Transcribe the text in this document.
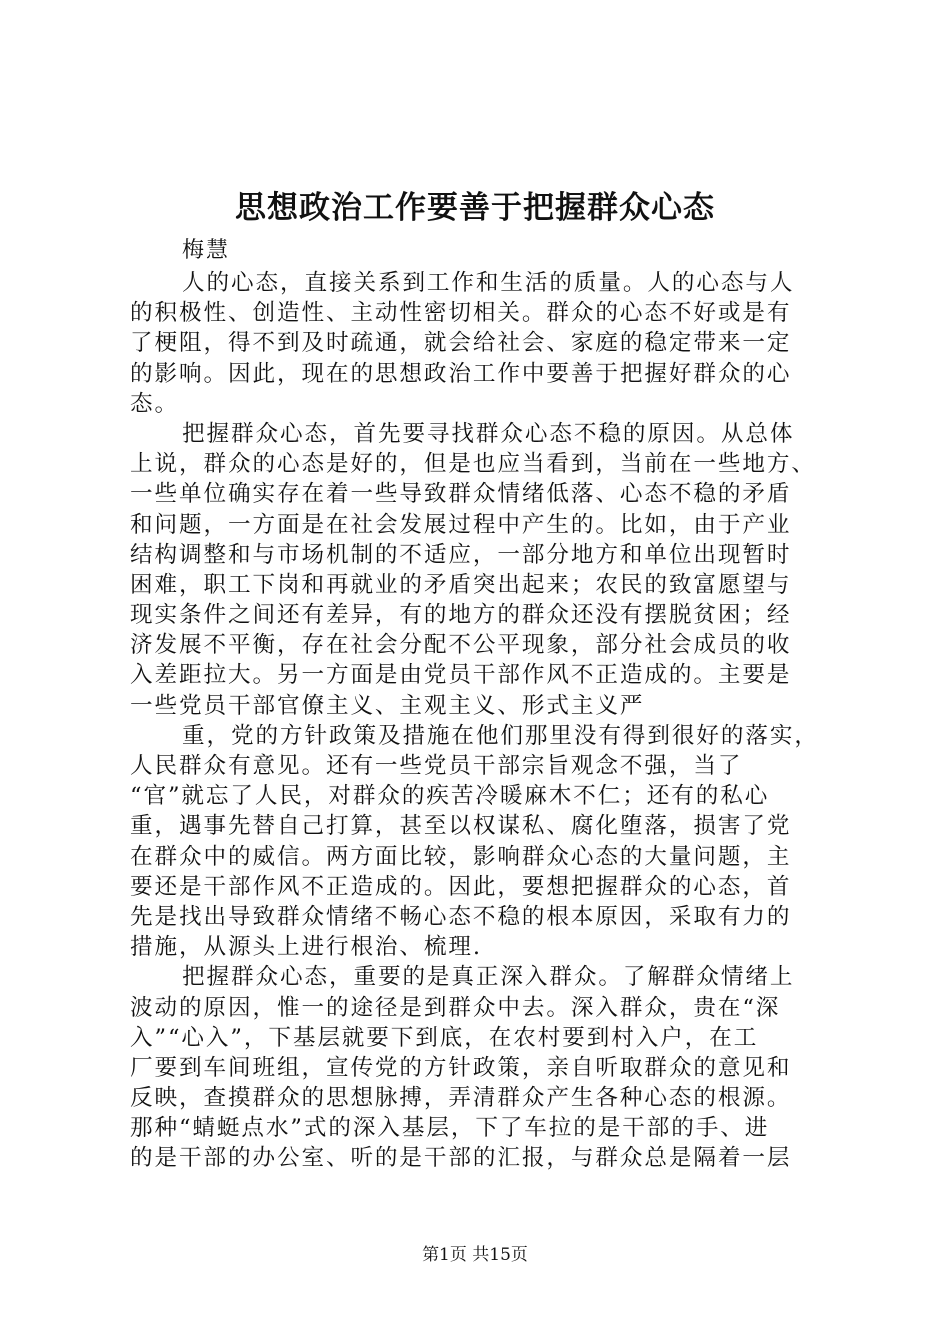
思想政治工作要善于把握群众心态
梅慧
人的心态，直接关系到工作和生活的质量。人的心态与人
的积极性、创造性、主动性密切相关。群众的心态不好或是有
了梗阻，得不到及时疏通，就会给社会、家庭的稳定带来一定
的影响。因此，现在的思想政治工作中要善于把握好群众的心
态。
把握群众心态，首先要寻找群众心态不稳的原因。从总体
上说，群众的心态是好的，但是也应当看到，当前在一些地方、
一些单位确实存在着一些导致群众情绪低落、心态不稳的矛盾
和问题，一方面是在社会发展过程中产生的。比如，由于产业
结构调整和与市场机制的不适应，一部分地方和单位出现暂时
困难，职工下岗和再就业的矛盾突出起来；农民的致富愿望与
现实条件之间还有差异，有的地方的群众还没有摆脱贫困；经
济发展不平衡，存在社会分配不公平现象，部分社会成员的收
入差距拉大。另一方面是由党员干部作风不正造成的。主要是
一些党员干部官僚主义、主观主义、形式主义严
重，党的方针政策及措施在他们那里没有得到很好的落实，
人民群众有意见。还有一些党员干部宗旨观念不强，当了
“官”就忘了人民，对群众的疾苦冷暖麻木不仁；还有的私心
重，遇事先替自己打算，甚至以权谋私、腐化堕落，损害了党
在群众中的威信。两方面比较，影响群众心态的大量问题，主
要还是干部作风不正造成的。因此，要想把握群众的心态，首
先是找出导致群众情绪不畅心态不稳的根本原因，采取有力的
措施，从源头上进行根治、梳理.
把握群众心态，重要的是真正深入群众。了解群众情绪上
波动的原因，惟一的途径是到群众中去。深入群众，贵在“深
入”“心入”，下基层就要下到底，在农村要到村入户，在工
厂要到车间班组，宣传党的方针政策，亲自听取群众的意见和
反映，查摸群众的思想脉搏，弄清群众产生各种心态的根源。
那种“蜻蜓点水”式的深入基层，下了车拉的是干部的手、进
的是干部的办公室、听的是干部的汇报，与群众总是隔着一层
第1页 共15页
